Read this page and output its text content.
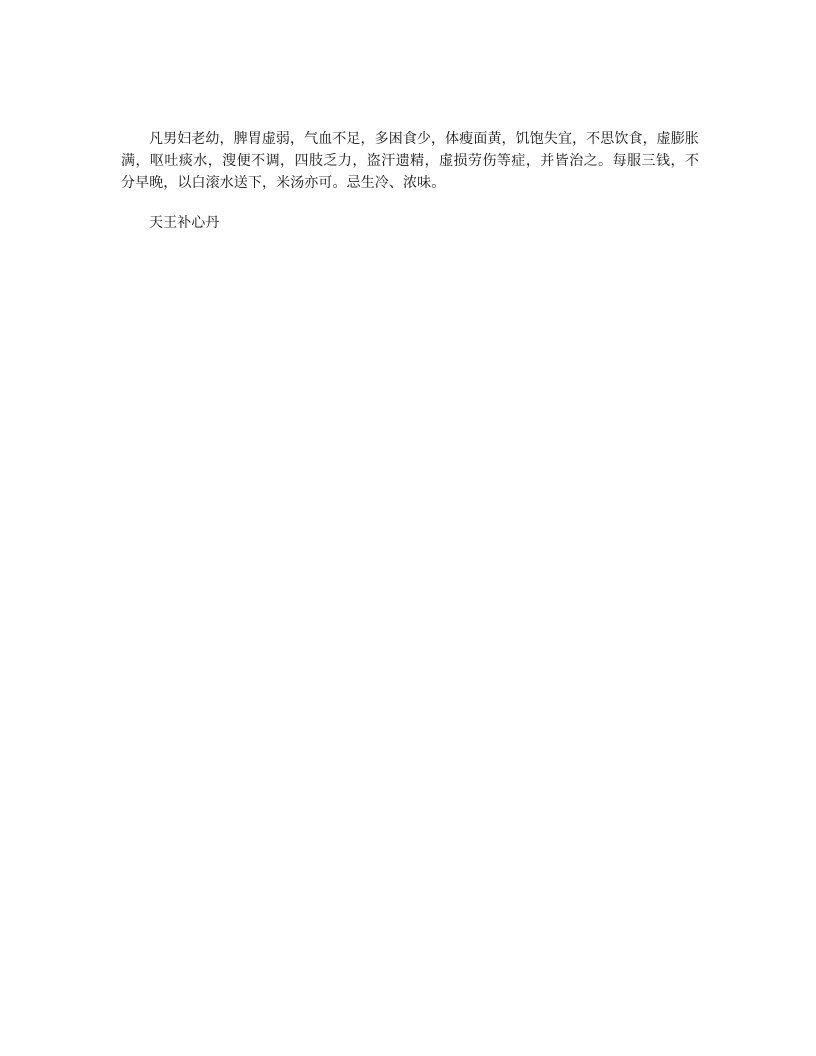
凡男妇老幼，脾胃虚弱，气血不足，多困食少，体瘦面黄，饥饱失宜，不思饮食，虚膨胀满，呕吐痰水，溲便不调，四肢乏力，盗汗遗精，虚损劳伤等症，并皆治之。每服三钱，不分早晚，以白滚水送下，米汤亦可。忌生冷、浓味。

天王补心丹
